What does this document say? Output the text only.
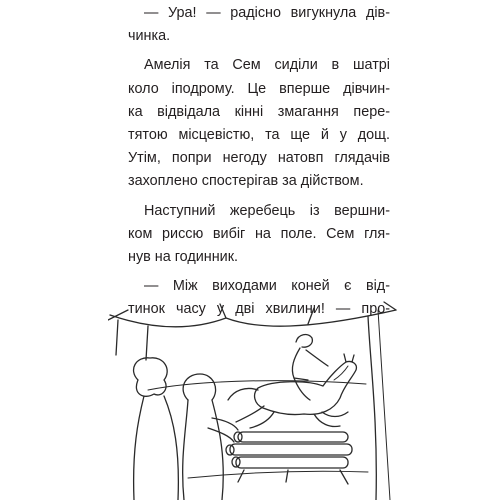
— Ура! — радісно вигукнула дів-
чинка.

Амелія та Сем сиділи в шатрі
коло іподрому. Це вперше дівчин-
ка відвідала кінні змагання пере-
тятою місцевістю, та ще й у дощ.
Утім, попри негоду натовп глядачів
захоплено спостерігав за дійством.

Наступний жеребець із вершни-
ком риссю вибіг на поле. Сем гля-
нув на годинник.

— Між виходами коней є від-
тинок часу у дві хвилини! — про-
